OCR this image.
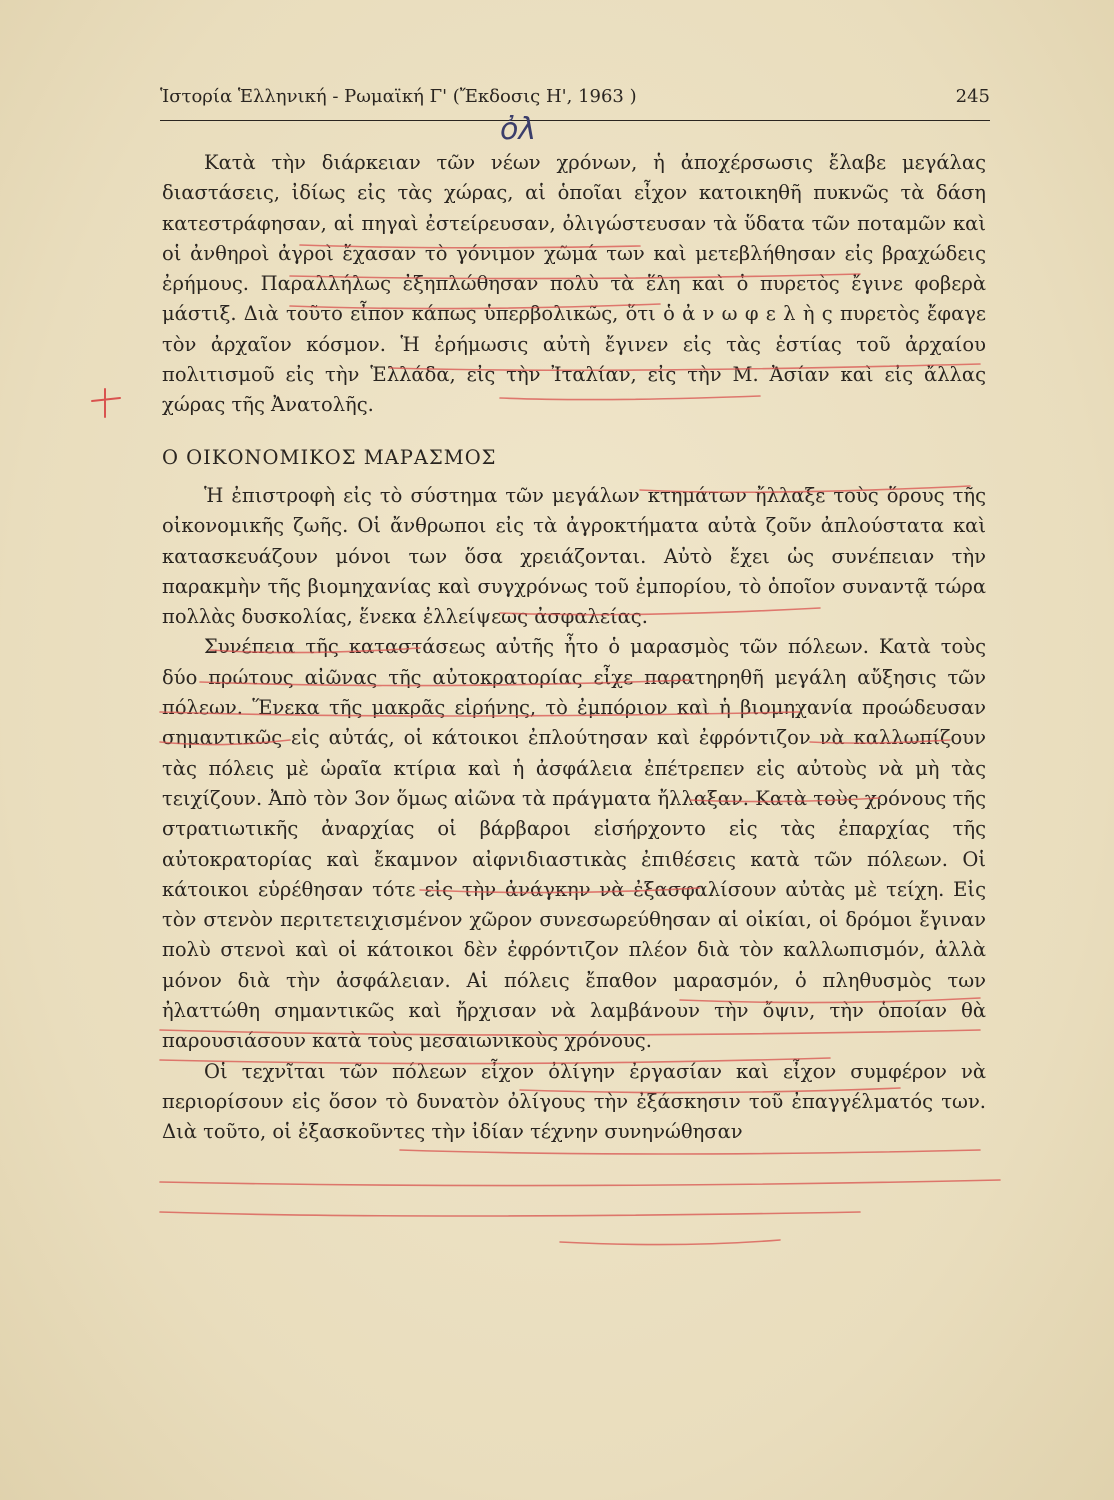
Ἱστορία Ἑλληνική - Ρωμαϊκή Γ' (Ἔκδοσις Η', 1963 )	245
ὀλ

Κατὰ τὴν διάρκειαν τῶν νέων χρόνων, ἡ ἀποχέρσωσις ἔλαβε μεγάλας διαστάσεις, ἰδίως εἰς τὰς χώρας, αἱ ὁποῖαι εἶχον κατοικηθῆ πυκνῶς τὰ δάση κατεστράφησαν, αἱ πηγαὶ ἐστείρευσαν, ὀλιγώστευσαν τὰ ὕδατα τῶν ποταμῶν καὶ οἱ ἀνθηροὶ ἀγροὶ ἔχασαν τὸ γόνιμον χῶμά των καὶ μετεβλήθησαν εἰς βραχώδεις ἐρήμους. Παραλλήλως ἐξηπλώθησαν πολὺ τὰ ἕλη καὶ ὁ πυρετὸς ἔγινε φοβερὰ μάστιξ. Διὰ τοῦτο εἶπον κάπως ὑπερβολικῶς, ὅτι ὁ ἀ ν ω φ ε λ ὴ ς πυρετὸς ἔφαγε τὸν ἀρχαῖον κόσμον. Ἡ ἐρήμωσις αὐτὴ ἔγινεν εἰς τὰς ἑστίας τοῦ ἀρχαίου πολιτισμοῦ εἰς τὴν Ἑλλάδα, εἰς τὴν Ἰταλίαν, εἰς τὴν Μ. Ἀσίαν καὶ εἰς ἄλλας χώρας τῆς Ἀνατολῆς.

Ο ΟΙΚΟΝΟΜΙΚΟΣ ΜΑΡΑΣΜΟΣ

Ἡ ἐπιστροφὴ εἰς τὸ σύστημα τῶν μεγάλων κτημάτων ἤλλαξε τοὺς ὅρους τῆς οἰκονομικῆς ζωῆς. Οἱ ἄνθρωποι εἰς τὰ ἀγροκτήματα αὐτὰ ζοῦν ἀπλούστατα καὶ κατασκευάζουν μόνοι των ὅσα χρειάζονται. Αὐτὸ ἔχει ὡς συνέπειαν τὴν παρακμὴν τῆς βιομηχανίας καὶ συγχρόνως τοῦ ἐμπορίου, τὸ ὁποῖον συναντᾷ τώρα πολλὰς δυσκολίας, ἕνεκα ἐλλείψεως ἀσφαλείας.

Συνέπεια τῆς καταστάσεως αὐτῆς ἦτο ὁ μαρασμὸς τῶν πόλεων. Κατὰ τοὺς δύο πρώτους αἰῶνας τῆς αὐτοκρατορίας εἶχε παρατηρηθῆ μεγάλη αὔξησις τῶν πόλεων. Ἕνεκα τῆς μακρᾶς εἰρήνης, τὸ ἐμπόριον καὶ ἡ βιομηχανία προώδευσαν σημαντικῶς εἰς αὐτάς, οἱ κάτοικοι ἐπλούτησαν καὶ ἐφρόντιζον νὰ καλλωπίζουν τὰς πόλεις μὲ ὡραῖα κτίρια καὶ ἡ ἀσφάλεια ἐπέτρεπεν εἰς αὐτοὺς νὰ μὴ τὰς τειχίζουν. Ἀπὸ τὸν 3ον ὅμως αἰῶνα τὰ πράγματα ἤλλαξαν. Κατὰ τοὺς χρόνους τῆς στρατιωτικῆς ἀναρχίας οἱ βάρβαροι εἰσήρχοντο εἰς τὰς ἐπαρχίας τῆς αὐτοκρατορίας καὶ ἔκαμνον αἰφνιδιαστικὰς ἐπιθέσεις κατὰ τῶν πόλεων. Οἱ κάτοικοι εὑρέθησαν τότε εἰς τὴν ἀνάγκην νὰ ἐξασφαλίσουν αὐτὰς μὲ τείχη. Εἰς τὸν στενὸν περιτετειχισμένον χῶρον συνεσωρεύθησαν αἱ οἰκίαι, οἱ δρόμοι ἔγιναν πολὺ στενοὶ καὶ οἱ κάτοικοι δὲν ἐφρόντιζον πλέον διὰ τὸν καλλωπισμόν, ἀλλὰ μόνον διὰ τὴν ἀσφάλειαν. Αἱ πόλεις ἔπαθον μαρασμόν, ὁ πληθυσμὸς των ἠλαττώθη σημαντικῶς καὶ ἤρχισαν νὰ λαμβάνουν τὴν ὄψιν, τὴν ὁποίαν θὰ παρουσιάσουν κατὰ τοὺς μεσαιωνικοὺς χρόνους.

Οἱ τεχνῖται τῶν πόλεων εἶχον ὀλίγην ἐργασίαν καὶ εἶχον συμφέρον νὰ περιορίσουν εἰς ὅσον τὸ δυνατὸν ὀλίγους τὴν ἐξάσκησιν τοῦ ἐπαγγέλματός των. Διὰ τοῦτο, οἱ ἐξασκοῦντες τὴν ἰδίαν τέχνην συνηνώθησαν
